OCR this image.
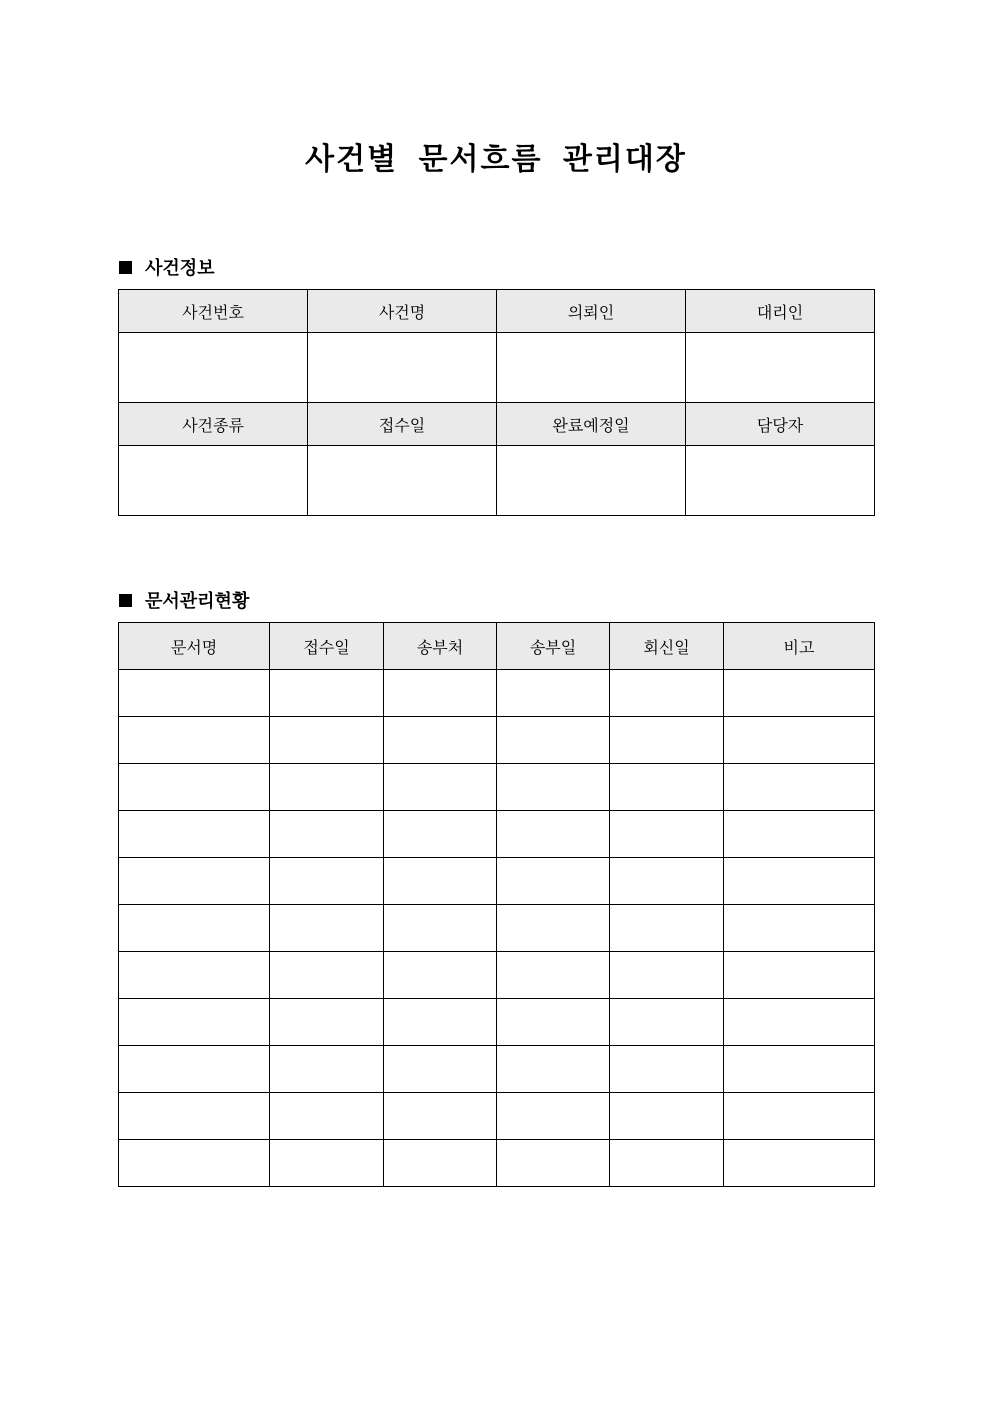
사건별 문서흐름 관리대장
사건정보
사건번호	사건명	의뢰인	대리인

사건종류	접수일	완료예정일	담당자

문서관리현황
문서명	접수일	송부처	송부일	회신일	비고
